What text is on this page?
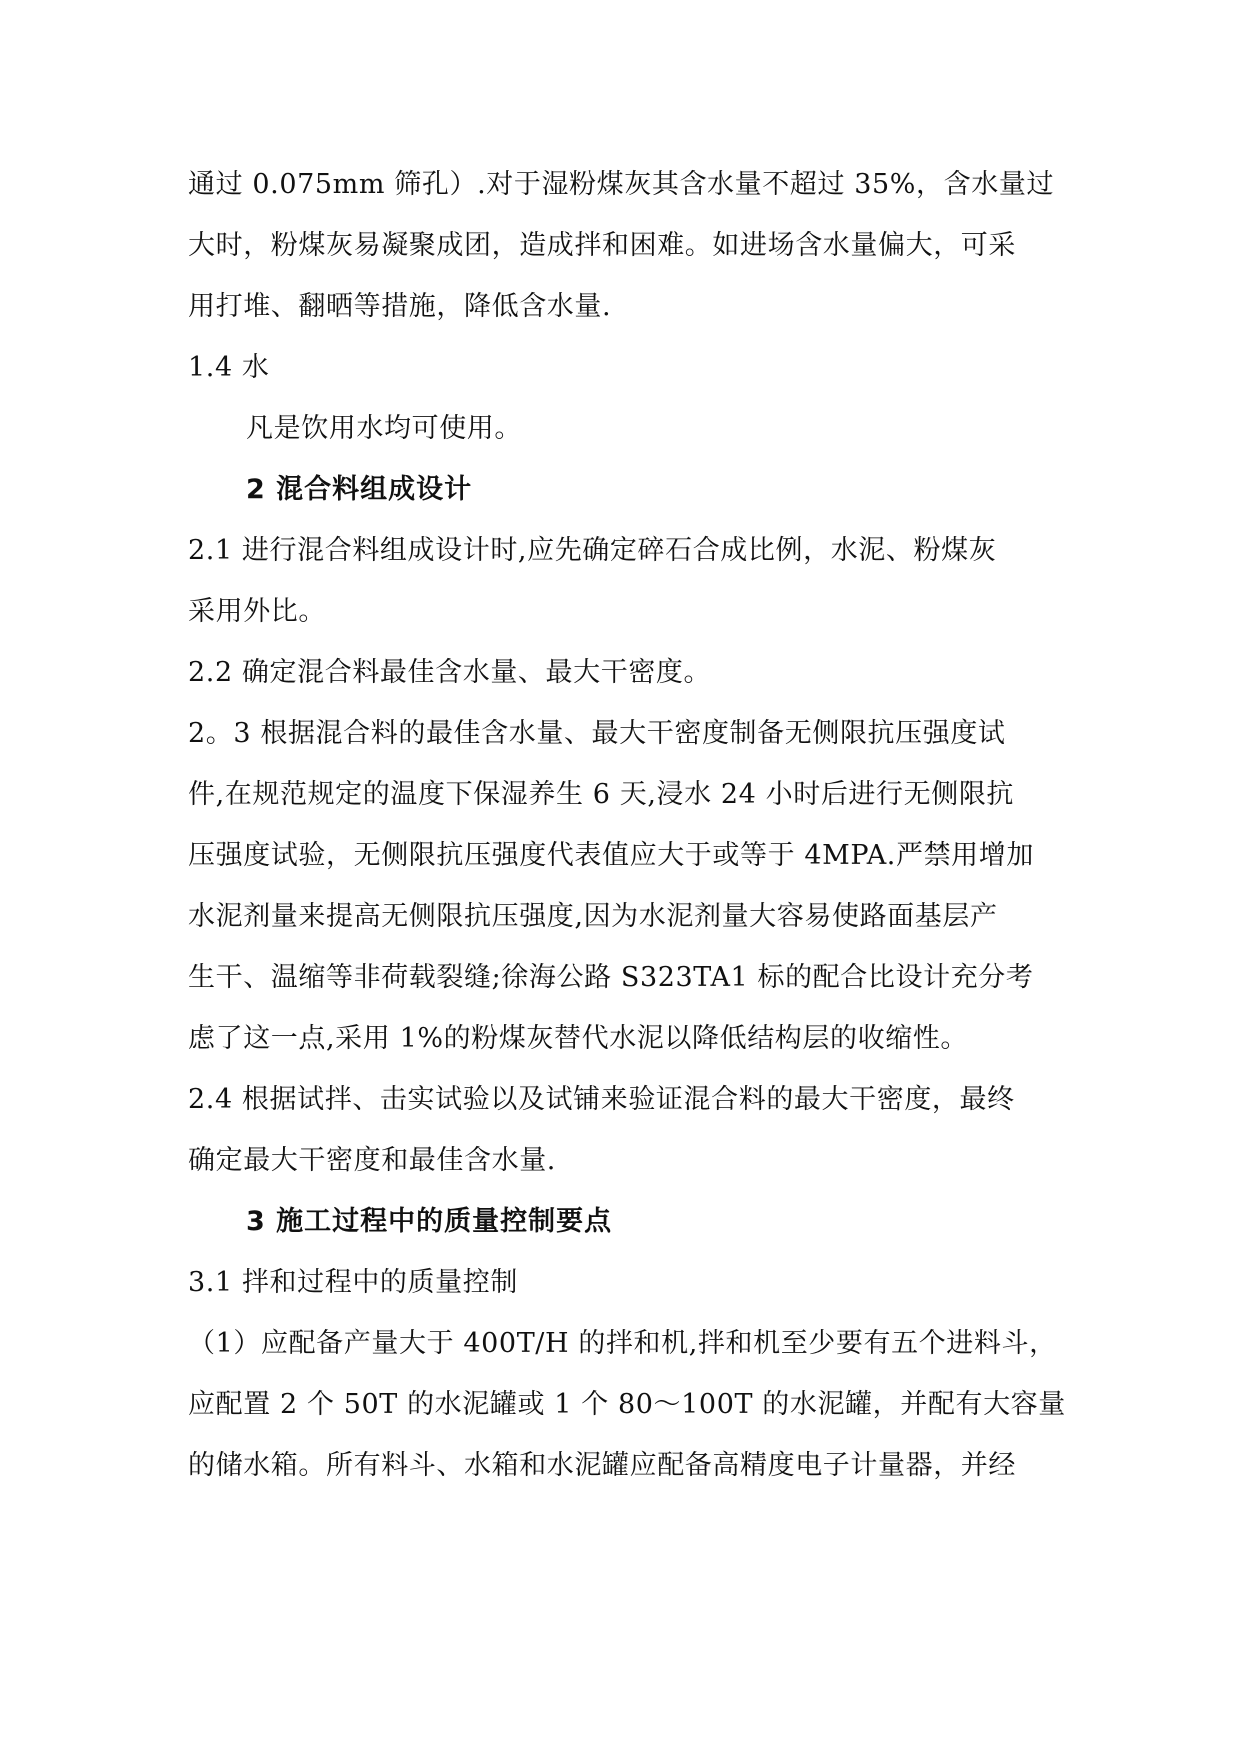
通过 0.075mm 筛孔）.对于湿粉煤灰其含水量不超过 35%，含水量过
大时，粉煤灰易凝聚成团，造成拌和困难。如进场含水量偏大，可采
用打堆、翻晒等措施，降低含水量.
1.4 水
凡是饮用水均可使用。
2 混合料组成设计
2.1 进行混合料组成设计时,应先确定碎石合成比例，水泥、粉煤灰
采用外比。
2.2 确定混合料最佳含水量、最大干密度。
2。3 根据混合料的最佳含水量、最大干密度制备无侧限抗压强度试
件,在规范规定的温度下保湿养生 6 天,浸水 24 小时后进行无侧限抗
压强度试验，无侧限抗压强度代表值应大于或等于 4MPA.严禁用增加
水泥剂量来提高无侧限抗压强度,因为水泥剂量大容易使路面基层产
生干、温缩等非荷载裂缝;徐海公路 S323TA1 标的配合比设计充分考
虑了这一点,采用 1%的粉煤灰替代水泥以降低结构层的收缩性。
2.4 根据试拌、击实试验以及试铺来验证混合料的最大干密度，最终
确定最大干密度和最佳含水量.
3 施工过程中的质量控制要点
3.1 拌和过程中的质量控制
（1）应配备产量大于 400T/H 的拌和机,拌和机至少要有五个进料斗，
应配置 2 个 50T 的水泥罐或 1 个 80～100T 的水泥罐，并配有大容量
的储水箱。所有料斗、水箱和水泥罐应配备高精度电子计量器，并经
